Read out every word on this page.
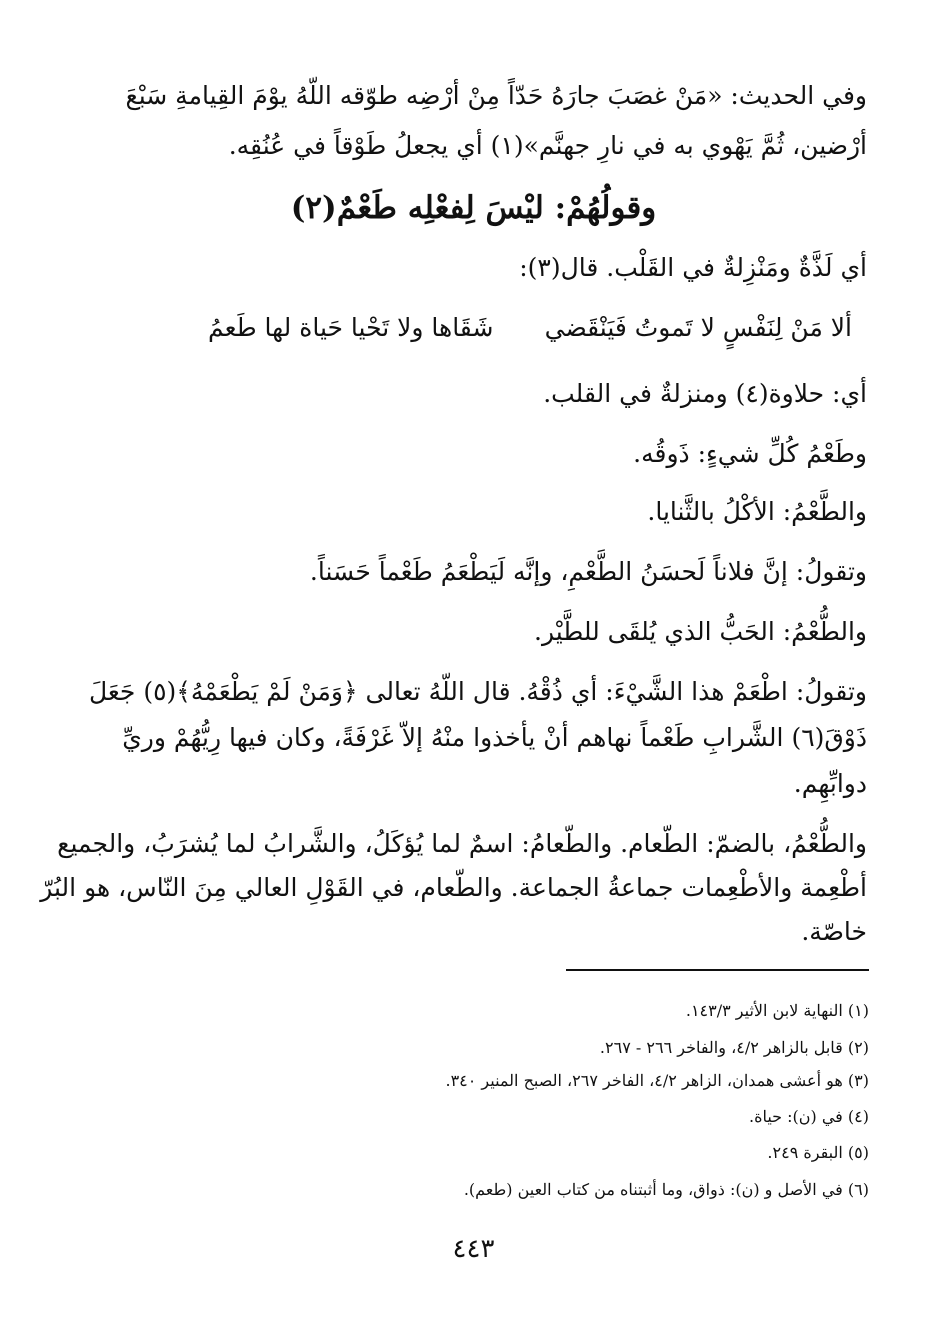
وفي الحديث: «مَنْ غصَبَ جارَهُ حَدّاً مِنْ أرْضِه طوّقه اللّهُ يوْمَ القِيامةِ سَبْعَ
أرْضين، ثُمَّ يَهْوي به في نارِ جهنَّم»(١) أي يجعلُ طَوْقاً في عُنُقِه.
وقولُهُمْ: ليْسَ لِفعْلِه طَعْمٌ(٢)
أي لَذَّةٌ ومَنْزِلةٌ في القَلْب. قال(٣):
ألا مَنْ لِنَفْسٍ لا تَموتُ فَيَنْقَضي
شَقَاها ولا تَحْيا حَياة لها طَعمُ
أي: حلاوة(٤) ومنزلةٌ في القلب.
وطَعْمُ كُلِّ شيءٍ: ذَوقُه.
والطَّعْمُ: الأكْلُ بالثَّنايا.
وتقولُ: إنَّ فلاناً لَحسَنُ الطَّعْمِ، وإنَّه لَيَطْعَمُ طَعْماً حَسَناً.
والطُّعْمُ: الحَبُّ الذي يُلقَى للطَّيْر.
وتقولُ: اطْعَمْ هذا الشَّيْءَ: أي ذُقْهُ. قال اللّهُ تعالى ﴿وَمَنْ لَمْ يَطْعَمْهُ﴾(٥) جَعَلَ
ذَوْقَ(٦) الشَّرابِ طَعْماً نهاهم أنْ يأخذوا منْهُ إلاّ غَرْفَةً، وكان فيها رِيُّهُمْ وريِّ
دوابِّهِم.
والطُّعْمُ، بالضمّ: الطّعام. والطّعامُ: اسمٌ لما يُؤكَلُ، والشَّرابُ لما يُشرَبُ، والجميع
أطْعِمة والأطْعِمات جماعةُ الجماعة. والطّعام، في القَوْلِ العالي مِنَ النّاس، هو البُرّ
خاصّة.
(١) النهاية لابن الأثير ١٤٣/٣.
(٢) قابل بالزاهر ٤/٢، والفاخر ٢٦٦ - ٢٦٧.
(٣) هو أعشى همدان، الزاهر ٤/٢، الفاخر ٢٦٧، الصبح المنير ٣٤٠.
(٤) في (ن): حياة.
(٥) البقرة ٢٤٩.
(٦) في الأصل و (ن): ذواق، وما أثبتناه من كتاب العين (طعم).
٤٤٣
